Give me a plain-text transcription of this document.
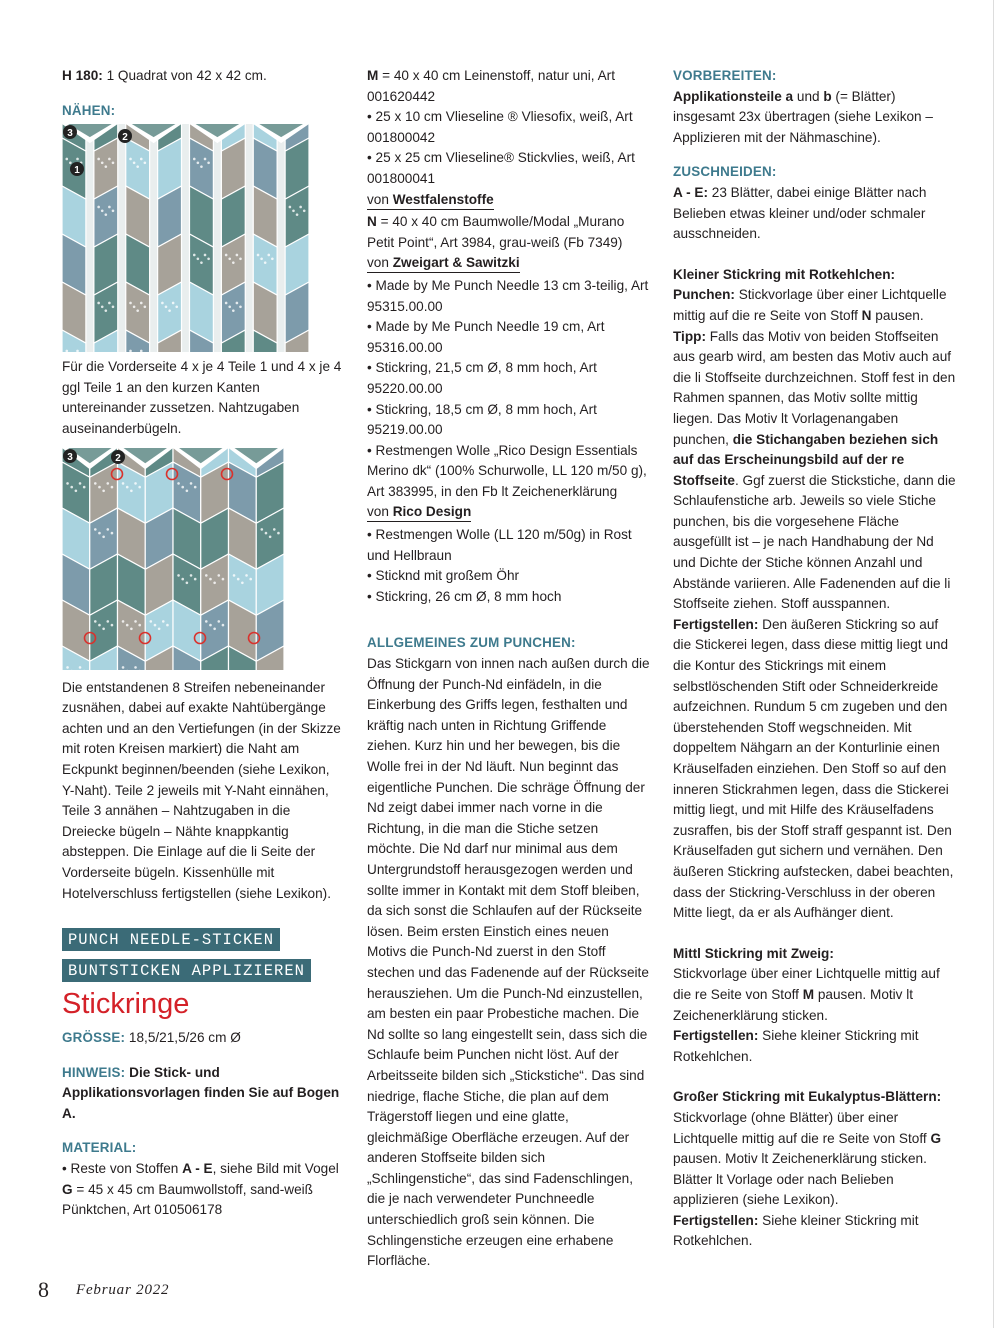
H 180: 1 Quadrat von 42 x 42 cm.

NÄHEN:

3	2
1

Für die Vorderseite 4 x je 4 Teile 1 und 4 x je 4 ggl Teile 1 an den kurzen Kanten untereinander zussetzen. Nahtzugaben auseinanderbügeln.

3	2

Die entstandenen 8 Streifen nebeneinander zusnähen, dabei auf exakte Nahtübergänge achten und an den Vertiefungen (in der Skizze mit roten Kreisen markiert) die Naht am Eckpunkt beginnen/beenden (siehe Lexikon, Y-Naht). Teile 2 jeweils mit Y-Naht einnähen, Teile 3 annähen – Nahtzugaben in die Dreiecke bügeln – Nähte knappkantig absteppen. Die Einlage auf die li Seite der Vorderseite bügeln. Kissenhülle mit Hotelverschluss fertigstellen (siehe Lexikon).

PUNCH NEEDLE-STICKEN
BUNTSTICKEN APPLIZIEREN
Stickringe

GRÖSSE: 18,5/21,5/26 cm Ø

HINWEIS: Die Stick- und Applikationsvorlagen finden Sie auf Bogen A.

MATERIAL:

• Reste von Stoffen A - E, siehe Bild mit Vogel

G = 45 x 45 cm Baumwollstoff, sand-weiß Pünktchen, Art 010506178

M = 40 x 40 cm Leinenstoff, natur uni, Art 001620442

• 25 x 10 cm Vlieseline ® Vliesofix, weiß, Art 001800042

• 25 x 25 cm Vlieseline® Stickvlies, weiß, Art 001800041

von Westfalenstoffe

N = 40 x 40 cm Baumwolle/Modal „Murano Petit Point“, Art 3984, grau-weiß (Fb 7349)

von Zweigart & Sawitzki

• Made by Me Punch Needle 13 cm 3-teilig, Art 95315.00.00

• Made by Me Punch Needle 19 cm, Art 95316.00.00

• Stickring, 21,5 cm Ø, 8 mm hoch, Art 95220.00.00

• Stickring, 18,5 cm Ø, 8 mm hoch, Art 95219.00.00

• Restmengen Wolle „Rico Design Essentials Merino dk“ (100% Schurwolle, LL 120 m/50 g), Art 383995, in den Fb lt Zeichenerklärung

von Rico Design

• Restmengen Wolle (LL 120 m/50g) in Rost und Hellbraun

• Sticknd mit großem Öhr

• Stickring, 26 cm Ø, 8 mm hoch

ALLGEMEINES ZUM PUNCHEN:

Das Stickgarn von innen nach außen durch die Öffnung der Punch-Nd einfädeln, in die Einkerbung des Griffs legen, festhalten und kräftig nach unten in Richtung Griffende ziehen. Kurz hin und her bewegen, bis die Wolle frei in der Nd läuft. Nun beginnt das eigentliche Punchen. Die schräge Öffnung der Nd zeigt dabei immer nach vorne in die Richtung, in die man die Stiche setzen möchte. Die Nd darf nur minimal aus dem Untergrundstoff herausgezogen werden und sollte immer in Kontakt mit dem Stoff bleiben, da sich sonst die Schlaufen auf der Rückseite lösen. Beim ersten Einstich eines neuen Motivs die Punch-Nd zuerst in den Stoff stechen und das Fadenende auf der Rückseite herausziehen. Um die Punch-Nd einzustellen, am besten ein paar Probestiche machen. Die Nd sollte so lang eingestellt sein, dass sich die Schlaufe beim Punchen nicht löst. Auf der Arbeitsseite bilden sich „Stickstiche“. Das sind niedrige, flache Stiche, die plan auf dem Trägerstoff liegen und eine glatte, gleichmäßige Oberfläche erzeugen. Auf der anderen Stoffseite bilden sich „Schlingenstiche“, das sind Fadenschlingen, die je nach verwendeter Punchneedle unterschiedlich groß sein können. Die Schlingenstiche erzeugen eine erhabene Florfläche.

VORBEREITEN:

Applikationsteile a und b (= Blätter) insgesamt 23x übertragen (siehe Lexikon – Applizieren mit der Nähmaschine).

ZUSCHNEIDEN:

A - E: 23 Blätter, dabei einige Blätter nach Belieben etwas kleiner und/oder schmaler ausschneiden.

Kleiner Stickring mit Rotkehlchen:

Punchen: Stickvorlage über einer Lichtquelle mittig auf die re Seite von Stoff N pausen. Tipp: Falls das Motiv von beiden Stoffseiten aus gearb wird, am besten das Motiv auch auf die li Stoffseite durchzeichnen. Stoff fest in den Rahmen spannen, das Motiv sollte mittig liegen. Das Motiv lt Vorlagenangaben punchen, die Stichangaben beziehen sich auf das Erscheinungsbild auf der re Stoffseite. Ggf zuerst die Stickstiche, dann die Schlaufenstiche arb. Jeweils so viele Stiche punchen, bis die vorgesehene Fläche ausgefüllt ist – je nach Handhabung der Nd und Dichte der Stiche können Anzahl und Abstände variieren. Alle Fadenenden auf die li Stoffseite ziehen. Stoff ausspannen.

Fertigstellen: Den äußeren Stickring so auf die Stickerei legen, dass diese mittig liegt und die Kontur des Stickrings mit einem selbstlöschenden Stift oder Schneiderkreide aufzeichnen. Rundum 5 cm zugeben und den überstehenden Stoff wegschneiden. Mit doppeltem Nähgarn an der Konturlinie einen Kräuselfaden einziehen. Den Stoff so auf den inneren Stickrahmen legen, dass die Stickerei mittig liegt, und mit Hilfe des Kräuselfadens zusraffen, bis der Stoff straff gespannt ist. Den Kräuselfaden gut sichern und vernähen. Den äußeren Stickring aufstecken, dabei beachten, dass der Stickring-Verschluss in der oberen Mitte liegt, da er als Aufhänger dient.

Mittl Stickring mit Zweig:

Stickvorlage über einer Lichtquelle mittig auf die re Seite von Stoff M pausen. Motiv lt Zeichenerklärung sticken.

Fertigstellen: Siehe kleiner Stickring mit Rotkehlchen.

Großer Stickring mit Eukalyptus-Blättern:

Stickvorlage (ohne Blätter) über einer Lichtquelle mittig auf die re Seite von Stoff G pausen. Motiv lt Zeichenerklärung sticken. Blätter lt Vorlage oder nach Belieben applizieren (siehe Lexikon).

Fertigstellen: Siehe kleiner Stickring mit Rotkehlchen.

8 Februar 2022
